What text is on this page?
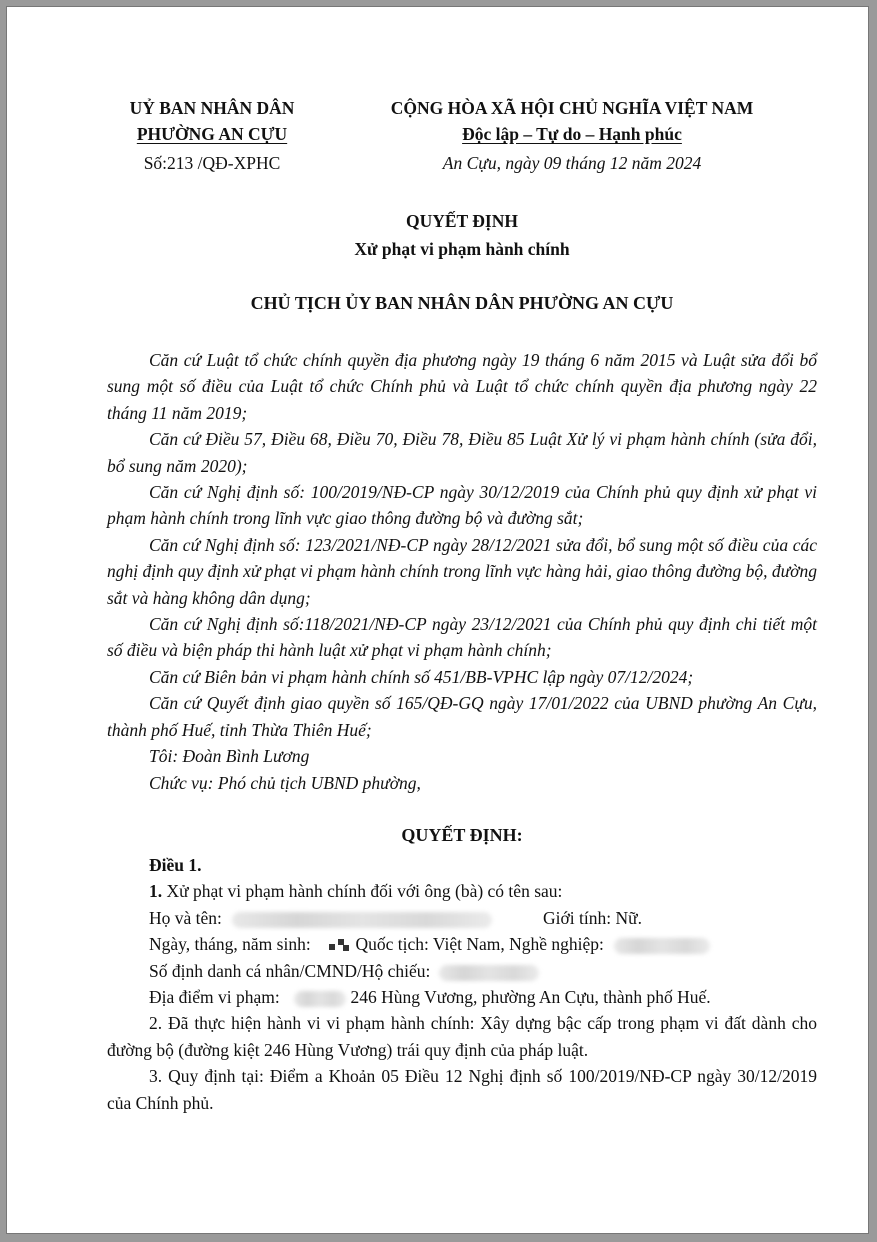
UỶ BAN NHÂN DÂN
PHƯỜNG AN CỰU
Số:213 /QĐ-XPHC
CỘNG HÒA XÃ HỘI CHỦ NGHĨA VIỆT NAM
Độc lập – Tự do – Hạnh phúc
An Cựu, ngày 09 tháng 12 năm 2024
QUYẾT ĐỊNH
Xử phạt vi phạm hành chính
CHỦ TỊCH ỦY BAN NHÂN DÂN PHƯỜNG AN CỰU

Căn cứ Luật tổ chức chính quyền địa phương ngày 19 tháng 6 năm 2015 và Luật sửa đổi bổ sung một số điều của Luật tổ chức Chính phủ và Luật tổ chức chính quyền địa phương ngày 22 tháng 11 năm 2019;

Căn cứ Điều 57, Điều 68, Điều 70, Điều 78, Điều 85 Luật Xử lý vi phạm hành chính (sửa đổi, bổ sung năm 2020);

Căn cứ Nghị định số: 100/2019/NĐ-CP ngày 30/12/2019 của Chính phủ quy định xử phạt vi phạm hành chính trong lĩnh vực giao thông đường bộ và đường sắt;

Căn cứ Nghị định số: 123/2021/NĐ-CP ngày 28/12/2021 sửa đổi, bổ sung một số điều của các nghị định quy định xử phạt vi phạm hành chính trong lĩnh vực hàng hải, giao thông đường bộ, đường sắt và hàng không dân dụng;

Căn cứ Nghị định số:118/2021/NĐ-CP ngày 23/12/2021 của Chính phủ quy định chi tiết một số điều và biện pháp thi hành luật xử phạt vi phạm hành chính;

Căn cứ Biên bản vi phạm hành chính số 451/BB-VPHC lập ngày 07/12/2024;

Căn cứ Quyết định giao quyền số 165/QĐ-GQ ngày 17/01/2022 của UBND phường An Cựu, thành phố Huế, tỉnh Thừa Thiên Huế;

Tôi: Đoàn Bình Lương

Chức vụ: Phó chủ tịch UBND phường,

QUYẾT ĐỊNH:

Điều 1.

1. Xử phạt vi phạm hành chính đối với ông (bà) có tên sau:

Họ và tên:	Giới tính: Nữ.
Ngày, tháng, năm sinh:	Quốc tịch: Việt Nam, Nghề nghiệp:
Số định danh cá nhân/CMND/Hộ chiếu:
Địa điểm vi phạm:	246 Hùng Vương, phường An Cựu, thành phố Huế.

2. Đã thực hiện hành vi vi phạm hành chính: Xây dựng bậc cấp trong phạm vi đất dành cho đường bộ (đường kiệt 246 Hùng Vương) trái quy định của pháp luật.

3. Quy định tại: Điểm a Khoản 05 Điều 12 Nghị định số 100/2019/NĐ-CP ngày 30/12/2019 của Chính phủ.
